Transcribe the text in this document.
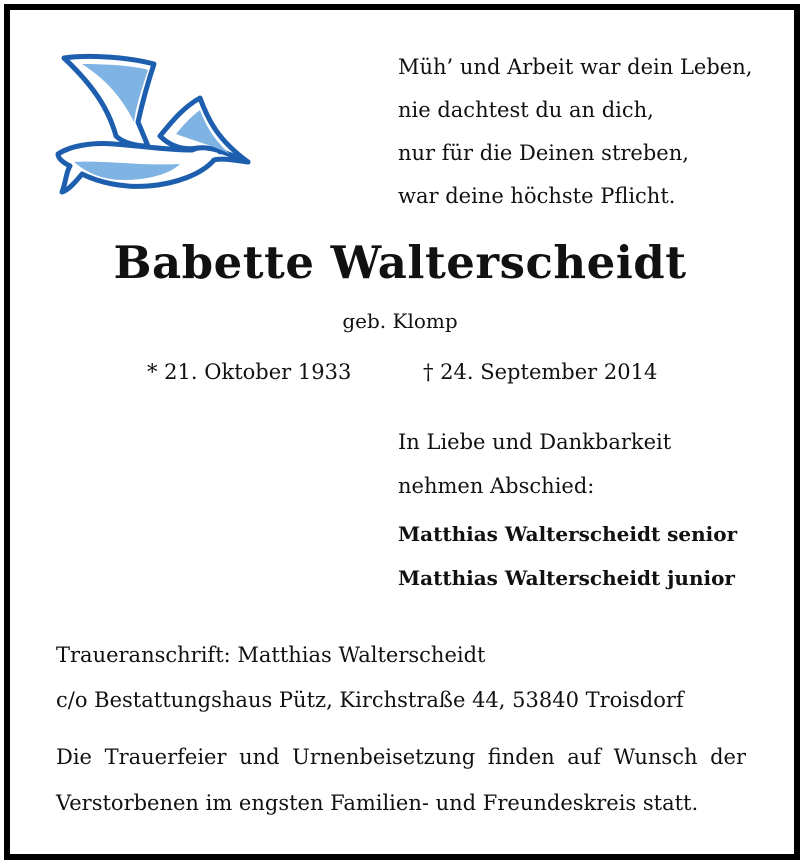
Müh’ und Arbeit war dein Leben,
nie dachtest du an dich,
nur für die Deinen streben,
war deine höchste Pflicht.
Babette Walterscheidt
geb. Klomp
* 21. Oktober 1933	† 24. September 2014
In Liebe und Dankbarkeit
nehmen Abschied:
Matthias Walterscheidt senior
Matthias Walterscheidt junior
Traueranschrift: Matthias Walterscheidt
c/o Bestattungshaus Pütz, Kirchstraße 44, 53840 Troisdorf
Die Trauerfeier und Urnenbeisetzung finden auf Wunsch der Verstorbenen im engsten Familien- und Freundeskreis statt.
